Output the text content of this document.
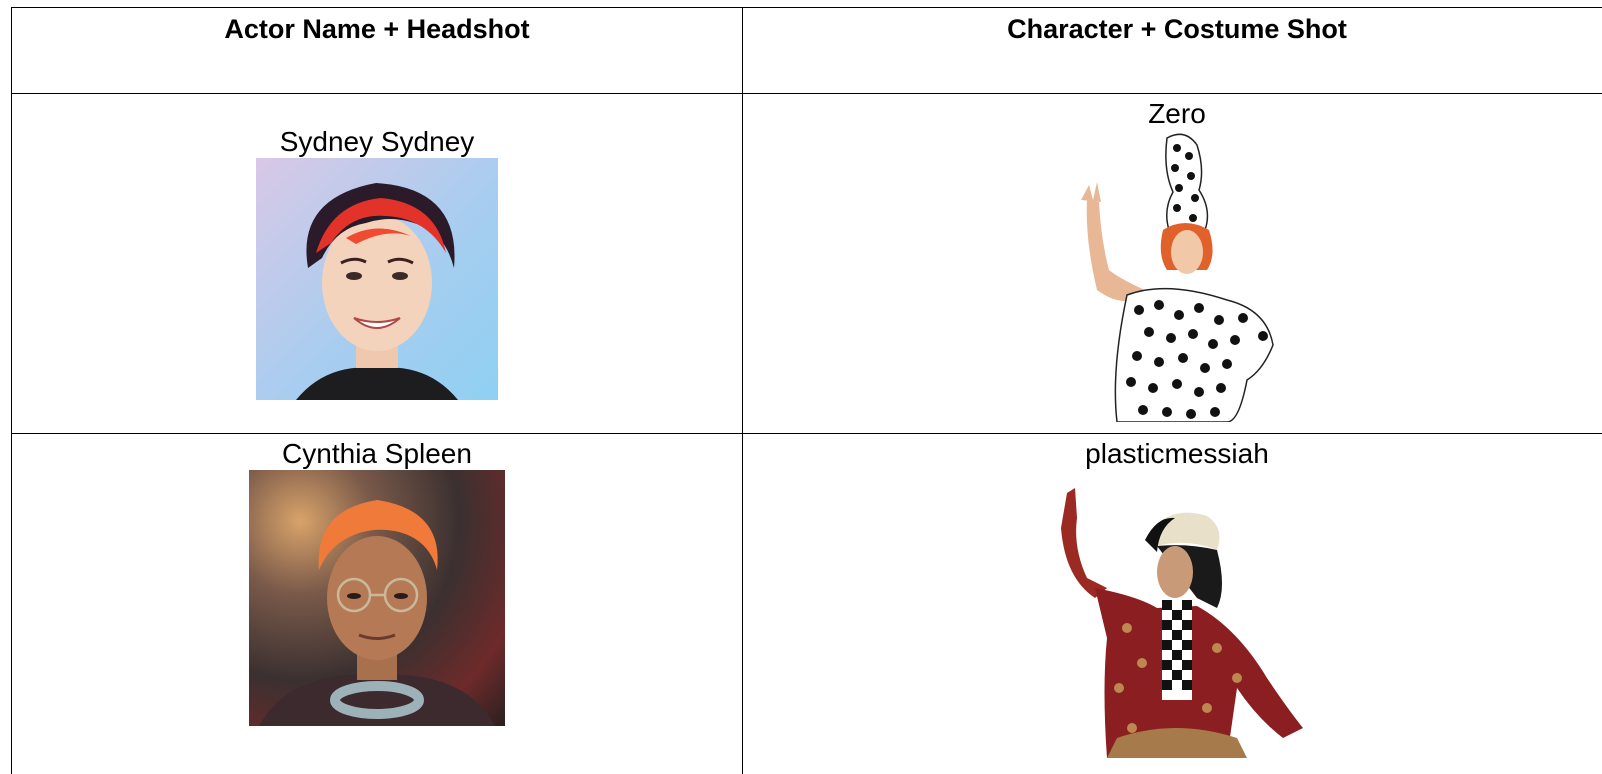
Actor Name + Headshot	Character + Costume Shot

Sydney Sydney	Zero

Cynthia Spleen	plasticmessiah
